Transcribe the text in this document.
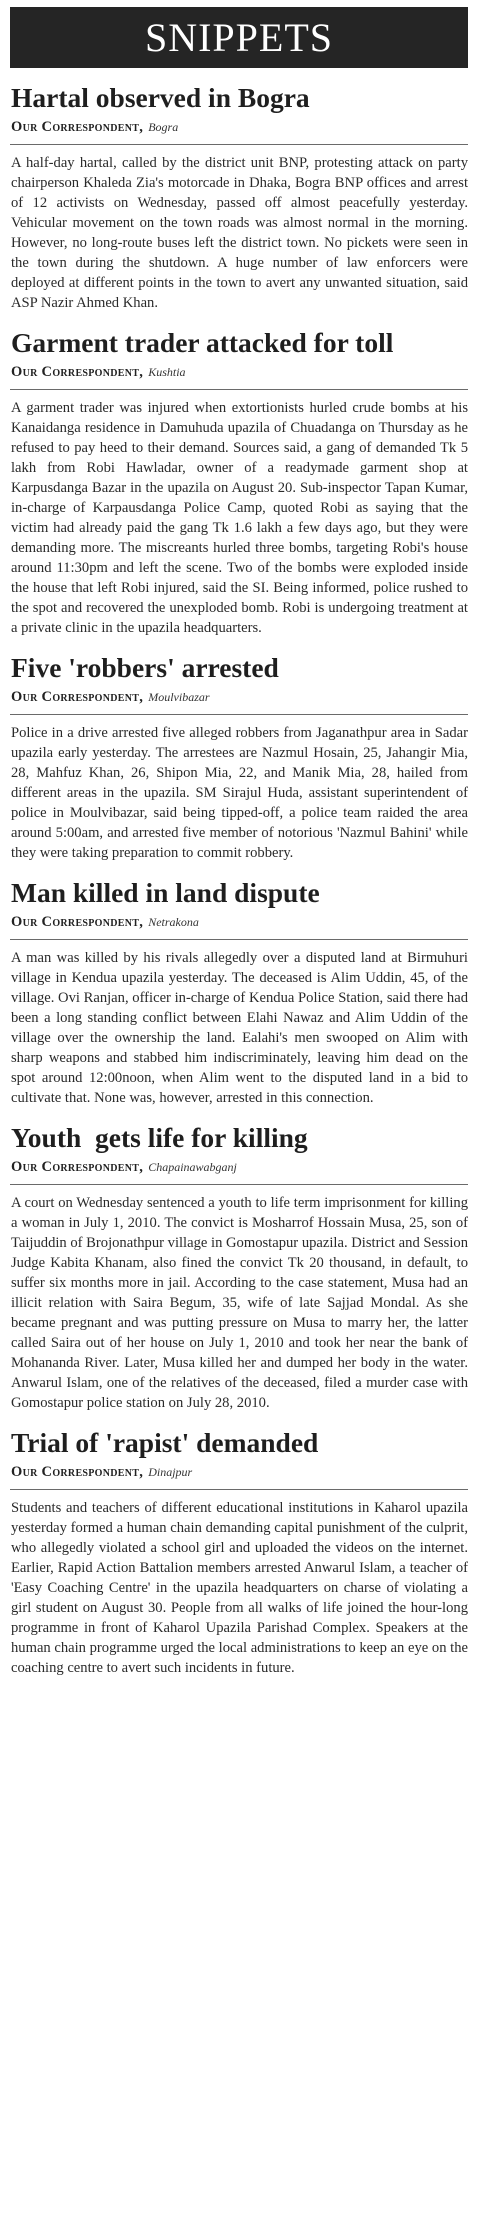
SNIPPETS
Hartal observed in Bogra
Our Correspondent, Bogra

A half-day hartal, called by the district unit BNP, protesting attack on party chairperson Khaleda Zia's motorcade in Dhaka, Bogra BNP offices and arrest of 12 activists on Wednesday, passed off almost peacefully yesterday. Vehicular movement on the town roads was almost normal in the morning. However, no long-route buses left the district town. No pickets were seen in the town during the shutdown. A huge number of law enforcers were deployed at different points in the town to avert any unwanted situation, said ASP Nazir Ahmed Khan.

Garment trader attacked for toll
Our Correspondent, Kushtia

A garment trader was injured when extortionists hurled crude bombs at his Kanaidanga residence in Damuhuda upazila of Chuadanga on Thursday as he refused to pay heed to their demand. Sources said, a gang of demanded Tk 5 lakh from Robi Hawladar, owner of a readymade garment shop at Karpusdanga Bazar in the upazila on August 20. Sub-inspector Tapan Kumar, in-charge of Karpausdanga Police Camp, quoted Robi as saying that the victim had already paid the gang Tk 1.6 lakh a few days ago, but they were demanding more. The miscreants hurled three bombs, targeting Robi's house around 11:30pm and left the scene. Two of the bombs were exploded inside the house that left Robi injured, said the SI. Being informed, police rushed to the spot and recovered the unexploded bomb. Robi is undergoing treatment at a private clinic in the upazila headquarters.

Five 'robbers' arrested
Our Correspondent, Moulvibazar

Police in a drive arrested five alleged robbers from Jaganathpur area in Sadar upazila early yesterday. The arrestees are Nazmul Hosain, 25, Jahangir Mia, 28, Mahfuz Khan, 26, Shipon Mia, 22, and Manik Mia, 28, hailed from different areas in the upazila. SM Sirajul Huda, assistant superintendent of police in Moulvibazar, said being tipped-off, a police team raided the area around 5:00am, and arrested five member of notorious 'Nazmul Bahini' while they were taking preparation to commit robbery.

Man killed in land dispute
Our Correspondent, Netrakona

A man was killed by his rivals allegedly over a disputed land at Birmuhuri village in Kendua upazila yesterday. The deceased is Alim Uddin, 45, of the village. Ovi Ranjan, officer in-charge of Kendua Police Station, said there had been a long standing conflict between Elahi Nawaz and Alim Uddin of the village over the ownership the land. Ealahi's men swooped on Alim with sharp weapons and stabbed him indiscriminately, leaving him dead on the spot around 12:00noon, when Alim went to the disputed land in a bid to cultivate that. None was, however, arrested in this connection.

Youth  gets life for killing
Our Correspondent, Chapainawabganj

A court on Wednesday sentenced a youth to life term imprisonment for killing a woman in July 1, 2010. The convict is Mosharrof Hossain Musa, 25, son of Taijuddin of Brojonathpur village in Gomostapur upazila. District and Session Judge Kabita Khanam, also fined the convict Tk 20 thousand, in default, to suffer six months more in jail. According to the case statement, Musa had an illicit relation with Saira Begum, 35, wife of late Sajjad Mondal. As she became pregnant and was putting pressure on Musa to marry her, the latter called Saira out of her house on July 1, 2010 and took her near the bank of Mohananda River. Later, Musa killed her and dumped her body in the water. Anwarul Islam, one of the relatives of the deceased, filed a murder case with Gomostapur police station on July 28, 2010.

Trial of 'rapist' demanded
Our Correspondent, Dinajpur

Students and teachers of different educational institutions in Kaharol upazila yesterday formed a human chain demanding capital punishment of the culprit, who allegedly violated a school girl and uploaded the videos on the internet. Earlier, Rapid Action Battalion members arrested Anwarul Islam, a teacher of 'Easy Coaching Centre' in the upazila headquarters on charse of violating a girl student on August 30. People from all walks of life joined the hour-long programme in front of Kaharol Upazila Parishad Complex. Speakers at the human chain programme urged the local administrations to keep an eye on the coaching centre to avert such incidents in future.
